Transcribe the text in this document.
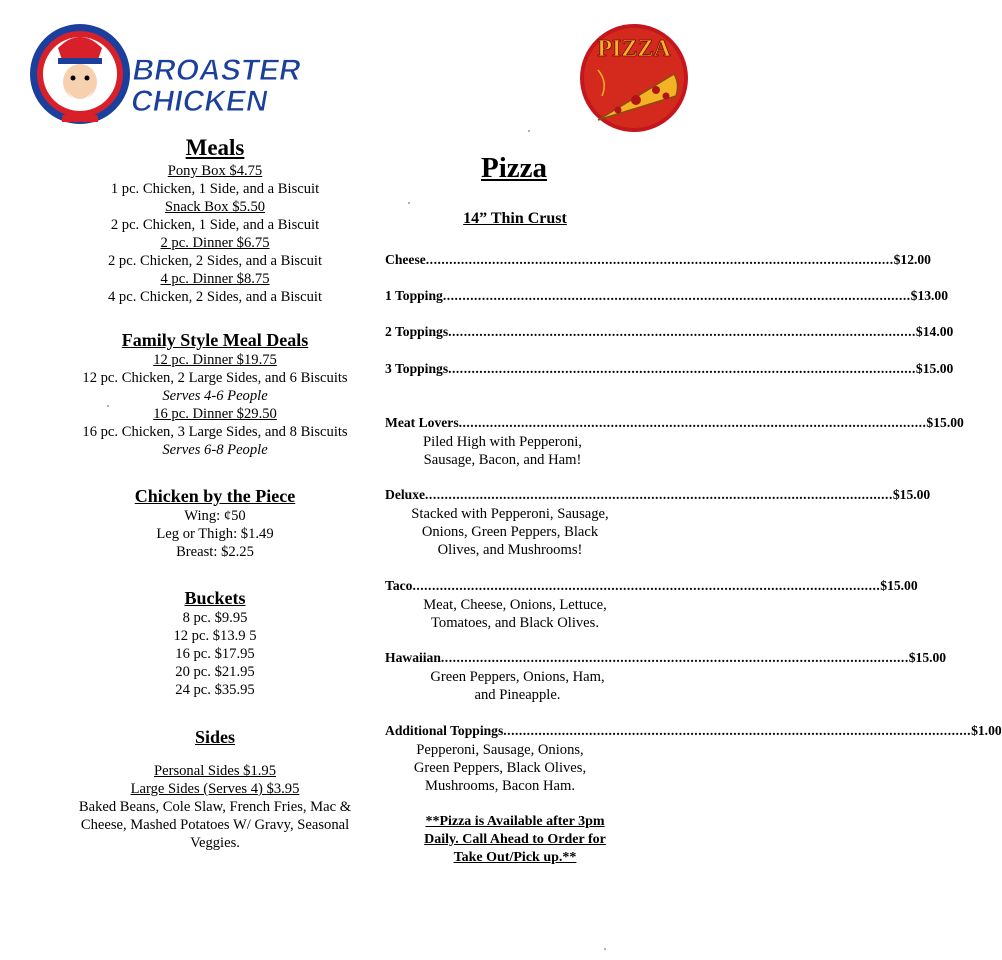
BROASTER
CHICKEN
PIZZA
Meals
Pony Box $4.75
1 pc. Chicken, 1 Side, and a Biscuit
Snack Box $5.50
2 pc. Chicken, 1 Side, and a Biscuit
2 pc. Dinner $6.75
2 pc. Chicken, 2 Sides, and a Biscuit
4 pc. Dinner $8.75
4 pc. Chicken, 2 Sides, and a Biscuit
Family Style Meal Deals
12 pc. Dinner $19.75
12 pc. Chicken, 2 Large Sides, and 6 Biscuits
Serves 4-6 People
16 pc. Dinner $29.50
16 pc. Chicken, 3 Large Sides, and 8 Biscuits
Serves 6-8 People
Chicken by the Piece
Wing: ¢50
Leg or Thigh: $1.49
Breast: $2.25
Buckets
8 pc. $9.95
12 pc. $13.9 5
16 pc. $17.95
20 pc. $21.95
24 pc. $35.95
Sides
Personal Sides $1.95
Large Sides (Serves 4) $3.95
Baked Beans, Cole Slaw, French Fries, Mac &
Cheese, Mashed Potatoes W/ Gravy, Seasonal
Veggies.
Pizza
14” Thin Crust
Cheese .....	$12.00
1 Topping .....	$13.00
2 Toppings .....	$14.00
3 Toppings .....	$15.00
Meat Lovers .....	$15.00
Piled High with Pepperoni,
Sausage, Bacon, and Ham!
Deluxe .....	$15.00
Stacked with Pepperoni, Sausage,
Onions, Green Peppers, Black
Olives, and Mushrooms!
Taco .....	$15.00
Meat, Cheese, Onions, Lettuce,
Tomatoes, and Black Olives.
Hawaiian .....	$15.00
Green Peppers, Onions, Ham,
and Pineapple.
Additional Toppings .....	$1.00
Pepperoni, Sausage, Onions,
Green Peppers, Black Olives,
Mushrooms, Bacon Ham.
**Pizza is Available after 3pm
Daily. Call Ahead to Order for
Take Out/Pick up.**
